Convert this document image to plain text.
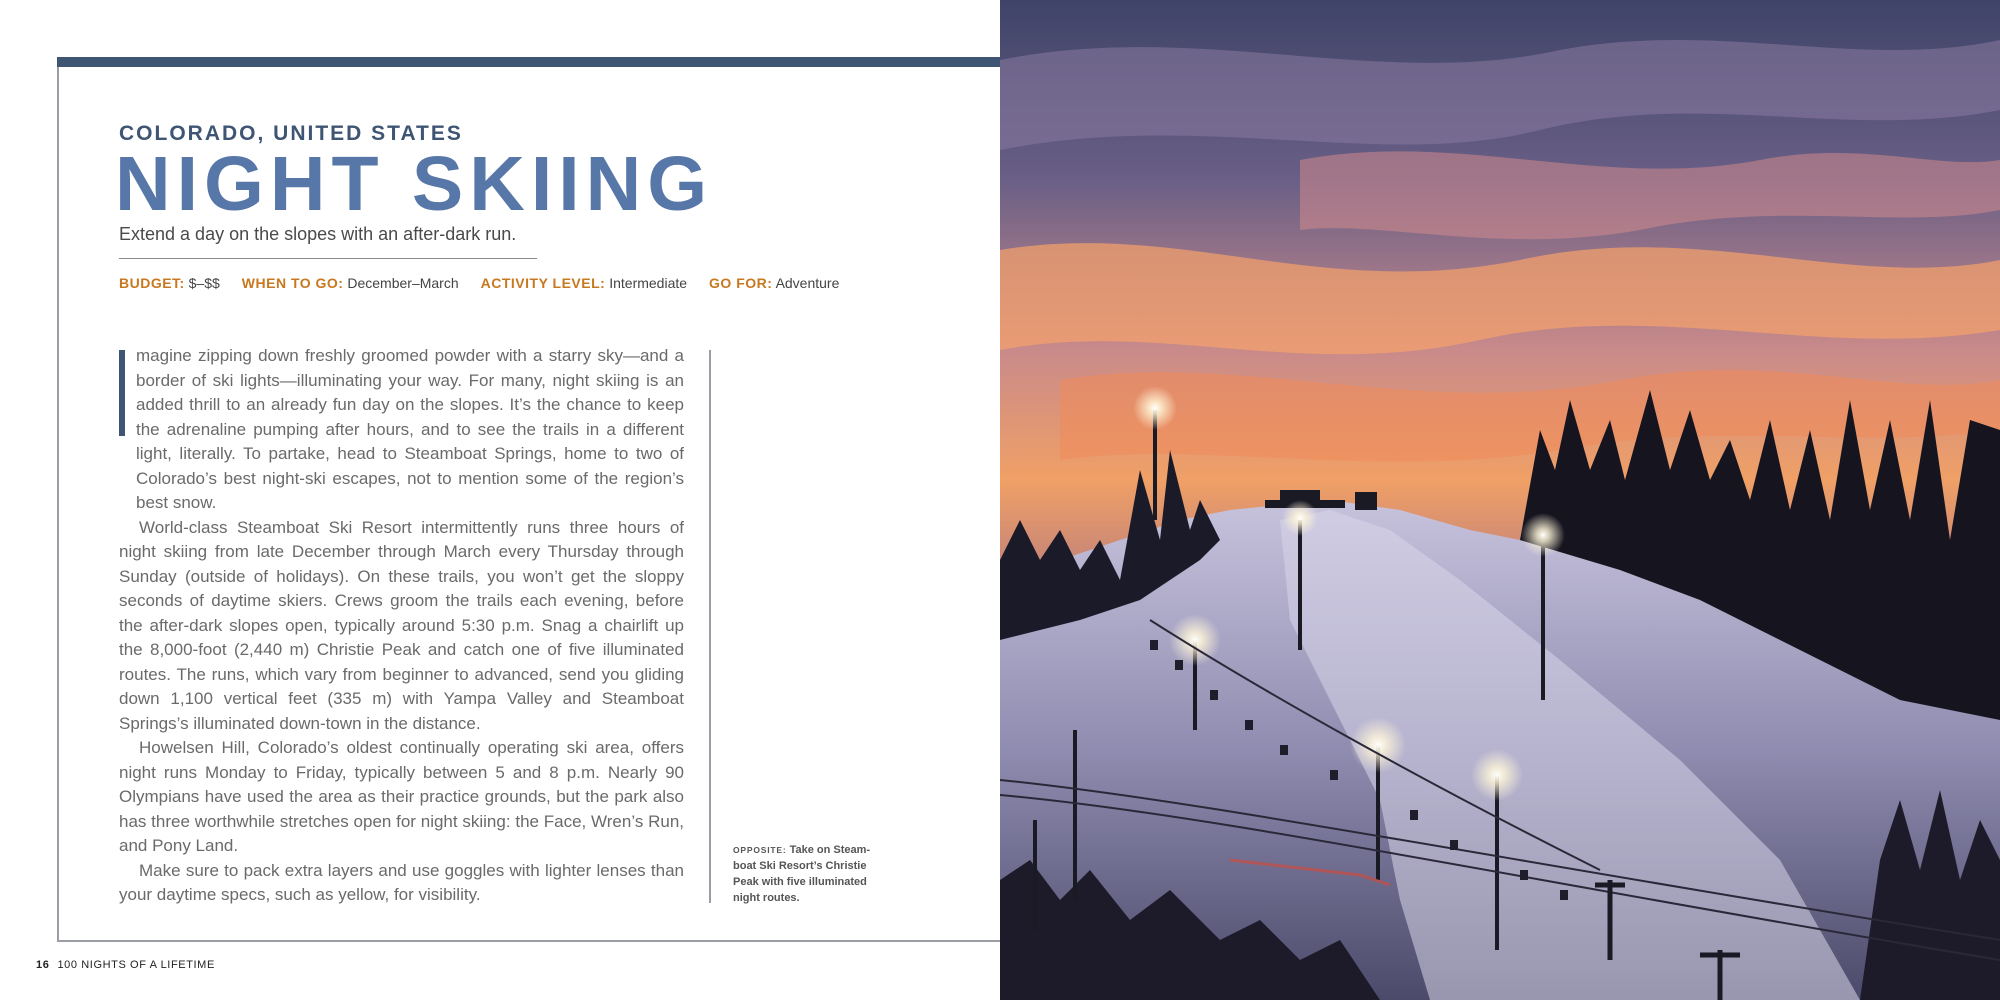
COLORADO, UNITED STATES
NIGHT SKIING
Extend a day on the slopes with an after-dark run.
BUDGET: $–$$ WHEN TO GO: December–March ACTIVITY LEVEL: Intermediate GO FOR: Adventure

magine zipping down freshly groomed powder with a starry sky—and a border of ski lights—illuminating your way. For many, night skiing is an added thrill to an already fun day on the slopes. It’s the chance to keep the adrenaline pumping after hours, and to see the trails in a different light, literally. To partake, head to Steamboat Springs, home to two of Colorado’s best night-ski escapes, not to mention some of the region’s best snow.

World-class Steamboat Ski Resort intermittently runs three hours of night skiing from late December through March every Thursday through Sunday (outside of holidays). On these trails, you won’t get the sloppy seconds of daytime skiers. Crews groom the trails each evening, before the after-dark slopes open, typically around 5:30 p.m. Snag a chairlift up the 8,000-foot (2,440 m) Christie Peak and catch one of five illuminated routes. The runs, which vary from beginner to advanced, send you gliding down 1,100 vertical feet (335 m) with Yampa Valley and Steamboat Springs’s illuminated down-town in the distance.

Howelsen Hill, Colorado’s oldest continually operating ski area, offers night runs Monday to Friday, typically between 5 and 8 p.m. Nearly 90 Olympians have used the area as their practice grounds, but the park also has three worthwhile stretches open for night skiing: the Face, Wren’s Run, and Pony Land.

Make sure to pack extra layers and use goggles with lighter lenses than your daytime specs, such as yellow, for visibility.

OPPOSITE: Take on Steam-boat Ski Resort’s Christie Peak with five illuminated night routes.
16 100 NIGHTS OF A LIFETIME
